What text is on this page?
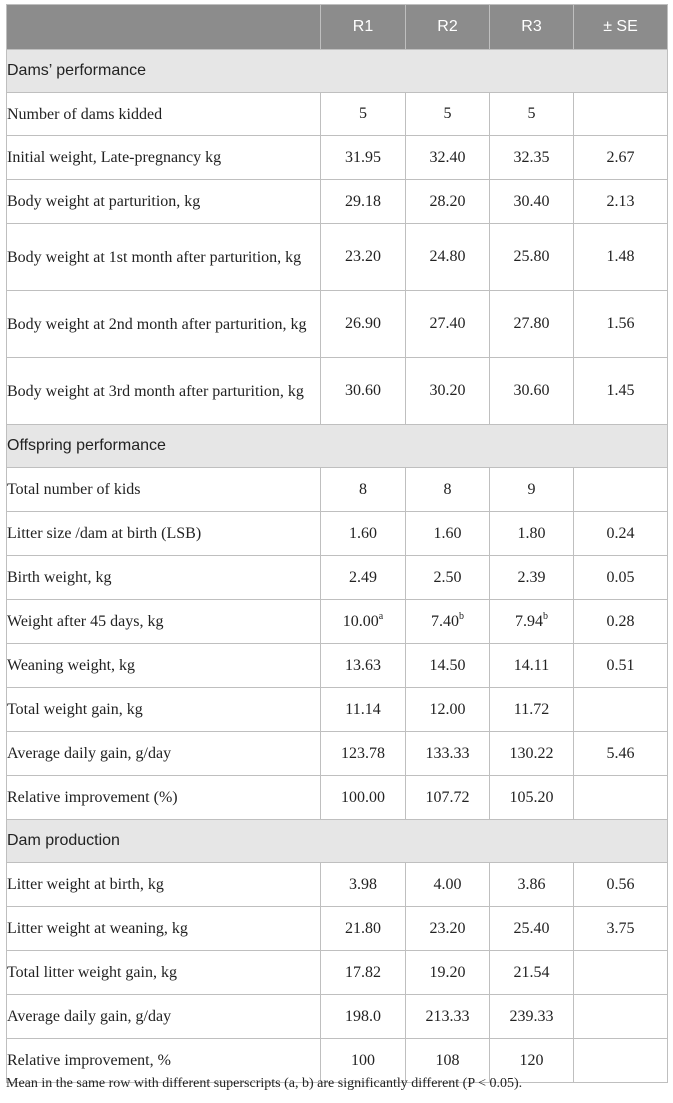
	R1	R2	R3	± SE
Dams’ performance				
Number of dams kidded	5	5	5	
Initial weight, Late-pregnancy kg	31.95	32.40	32.35	2.67
Body weight at parturition, kg	29.18	28.20	30.40	2.13
Body weight at 1st month after parturition, kg	23.20	24.80	25.80	1.48
Body weight at 2nd month after parturition, kg	26.90	27.40	27.80	1.56
Body weight at 3rd month after parturition, kg	30.60	30.20	30.60	1.45
Offspring performance				
Total number of kids	8	8	9	
Litter size /dam at birth (LSB)	1.60	1.60	1.80	0.24
Birth weight, kg	2.49	2.50	2.39	0.05
Weight after 45 days, kg	10.00$^a$	7.40$^b$	7.94$^b$	0.28
Weaning weight, kg	13.63	14.50	14.11	0.51
Total weight gain, kg	11.14	12.00	11.72	
Average daily gain, g/day	123.78	133.33	130.22	5.46
Relative improvement (%)	100.00	107.72	105.20	
Dam production				
Litter weight at birth, kg	3.98	4.00	3.86	0.56
Litter weight at weaning, kg	21.80	23.20	25.40	3.75
Total litter weight gain, kg	17.82	19.20	21.54	
Average daily gain, g/day	198.0	213.33	239.33	
Relative improvement, %	100	108	120	
Mean in the same row with different superscripts (a, b) are significantly different (P < 0.05).
